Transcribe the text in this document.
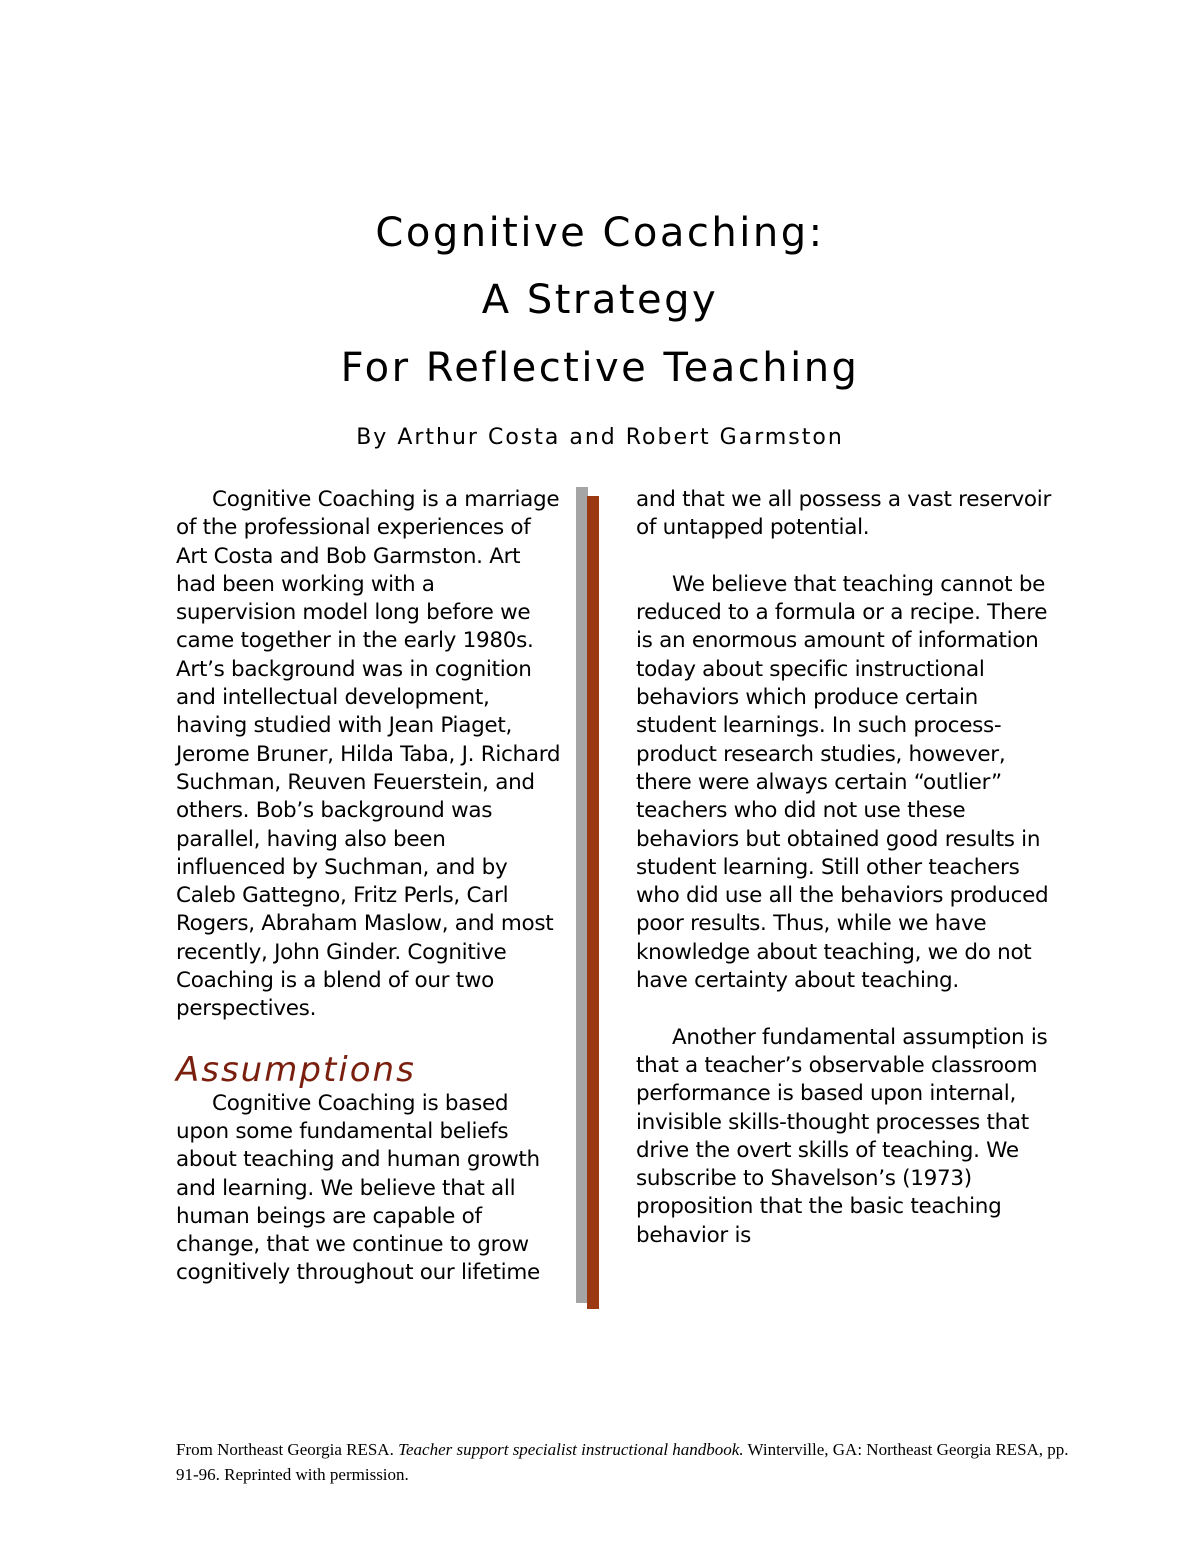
Cognitive Coaching:
A Strategy
For Reflective Teaching

By Arthur Costa and Robert Garmston

Cognitive Coaching is a marriage of the professional experiences of Art Costa and Bob Garmston. Art had been working with a supervision model long before we came together in the early 1980s. Art’s background was in cognition and intellectual development, having studied with Jean Piaget, Jerome Bruner, Hilda Taba, J. Richard Suchman, Reuven Feuerstein, and others. Bob’s background was parallel, having also been influenced by Suchman, and by Caleb Gattegno, Fritz Perls, Carl Rogers, Abraham Maslow, and most recently, John Ginder. Cognitive Coaching is a blend of our two perspectives.

Assumptions

Cognitive Coaching is based upon some fundamental beliefs about teaching and human growth and learning. We believe that all human beings are capable of change, that we continue to grow cognitively throughout our lifetime

and that we all possess a vast reservoir of untapped potential.

We believe that teaching cannot be reduced to a formula or a recipe. There is an enormous amount of information today about specific instructional behaviors which produce certain student learnings. In such process-product research studies, however, there were always certain “outlier” teachers who did not use these behaviors but obtained good results in student learning. Still other teachers who did use all the behaviors produced poor results. Thus, while we have knowledge about teaching, we do not have certainty about teaching.

Another fundamental assumption is that a teacher’s observable classroom performance is based upon internal, invisible skills-thought processes that drive the overt skills of teaching. We subscribe to Shavelson’s (1973) proposition that the basic teaching behavior is

From Northeast Georgia RESA. Teacher support specialist instructional handbook. Winterville, GA: Northeast Georgia RESA, pp. 91-96. Reprinted with permission.
